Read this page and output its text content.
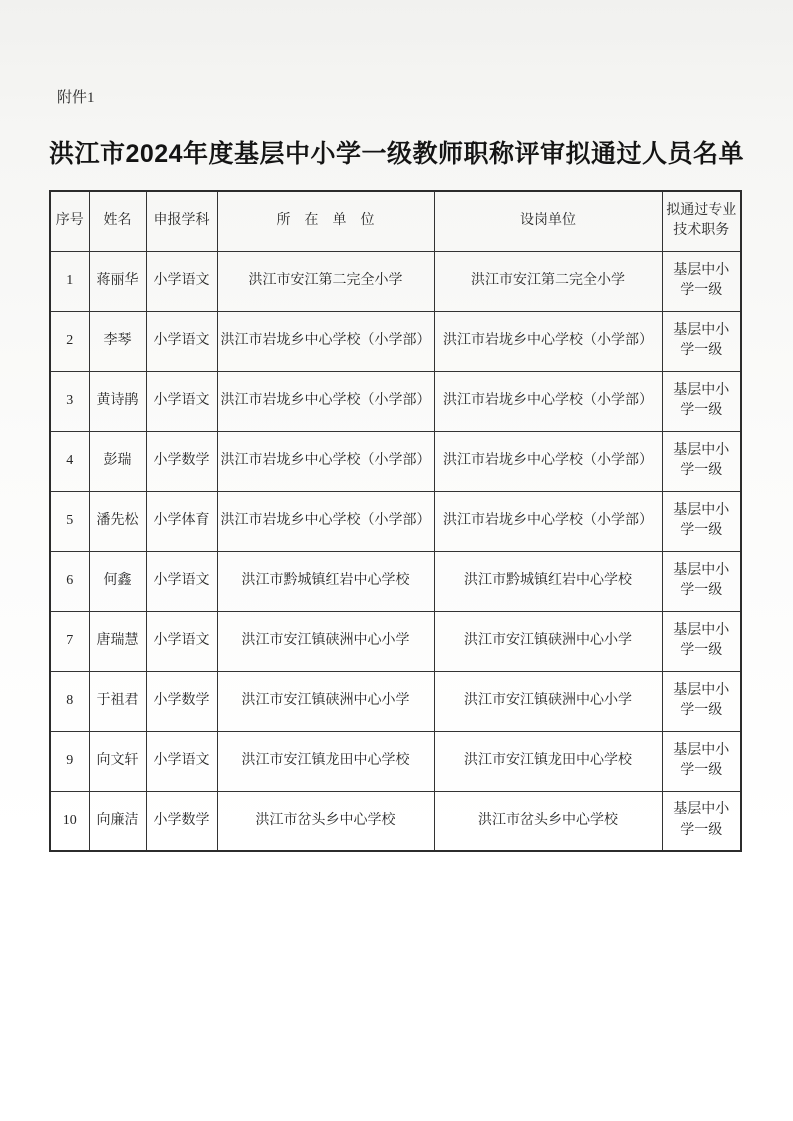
附件1
洪江市2024年度基层中小学一级教师职称评审拟通过人员名单
序号	姓名	申报学科	所　在　单　位	设岗单位	拟通过专业技术职务
1	蒋丽华	小学语文	洪江市安江第二完全小学	洪江市安江第二完全小学	基层中小学一级
2	李琴	小学语文	洪江市岩垅乡中心学校（小学部）	洪江市岩垅乡中心学校（小学部）	基层中小学一级
3	黄诗鹃	小学语文	洪江市岩垅乡中心学校（小学部）	洪江市岩垅乡中心学校（小学部）	基层中小学一级
4	彭瑞	小学数学	洪江市岩垅乡中心学校（小学部）	洪江市岩垅乡中心学校（小学部）	基层中小学一级
5	潘先松	小学体育	洪江市岩垅乡中心学校（小学部）	洪江市岩垅乡中心学校（小学部）	基层中小学一级
6	何鑫	小学语文	洪江市黔城镇红岩中心学校	洪江市黔城镇红岩中心学校	基层中小学一级
7	唐瑞慧	小学语文	洪江市安江镇硖洲中心小学	洪江市安江镇硖洲中心小学	基层中小学一级
8	于祖君	小学数学	洪江市安江镇硖洲中心小学	洪江市安江镇硖洲中心小学	基层中小学一级
9	向文轩	小学语文	洪江市安江镇龙田中心学校	洪江市安江镇龙田中心学校	基层中小学一级
10	向廉洁	小学数学	洪江市岔头乡中心学校	洪江市岔头乡中心学校	基层中小学一级
